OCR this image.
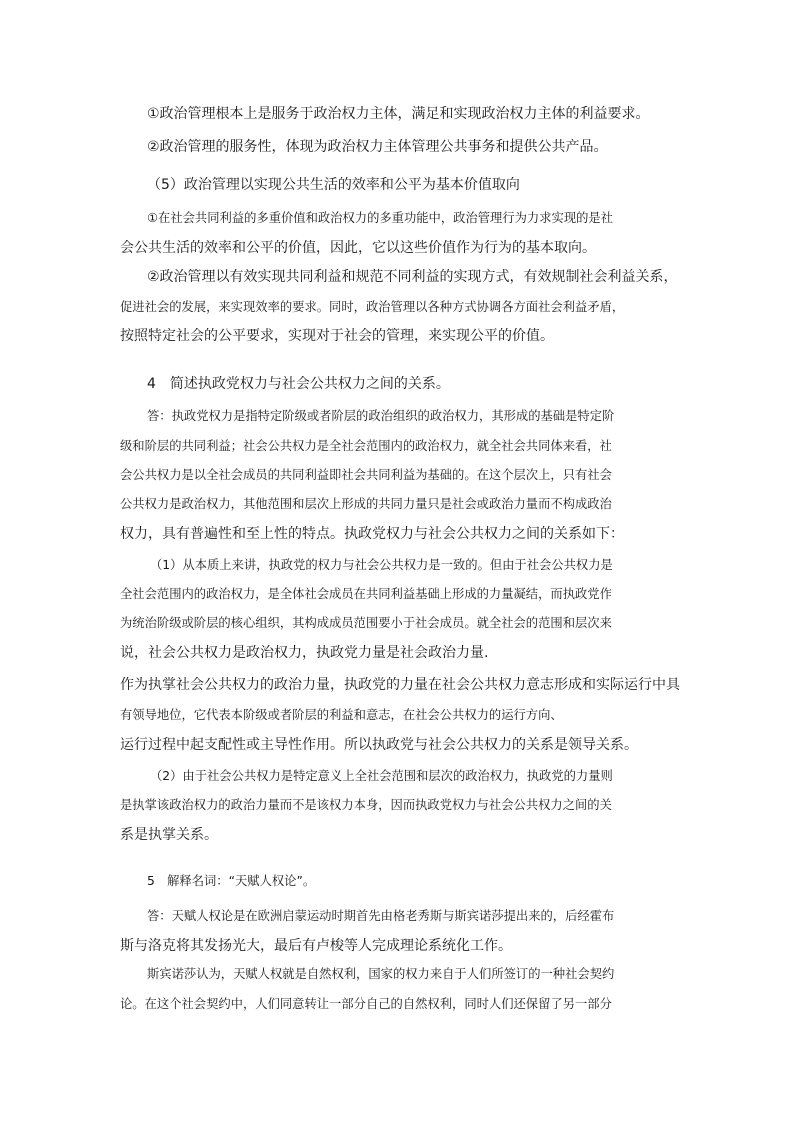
①政治管理根本上是服务于政治权力主体，满足和实现政治权力主体的利益要求。
②政治管理的服务性，体现为政治权力主体管理公共事务和提供公共产品。
（5）政治管理以实现公共生活的效率和公平为基本价值取向
①在社会共同利益的多重价值和政治权力的多重功能中，政治管理行为力求实现的是社
会公共生活的效率和公平的价值，因此，它以这些价值作为行为的基本取向。
②政治管理以有效实现共同利益和规范不同利益的实现方式，有效规制社会利益关系，
促进社会的发展，来实现效率的要求。同时，政治管理以各种方式协调各方面社会利益矛盾，
按照特定社会的公平要求，实现对于社会的管理，来实现公平的价值。
4　简述执政党权力与社会公共权力之间的关系。
答：执政党权力是指特定阶级或者阶层的政治组织的政治权力，其形成的基础是特定阶
级和阶层的共同利益；社会公共权力是全社会范围内的政治权力，就全社会共同体来看，社
会公共权力是以全社会成员的共同利益即社会共同利益为基础的。在这个层次上，只有社会
公共权力是政治权力，其他范围和层次上形成的共同力量只是社会或政治力量而不构成政治
权力，具有普遍性和至上性的特点。执政党权力与社会公共权力之间的关系如下：
（1）从本质上来讲，执政党的权力与社会公共权力是一致的。但由于社会公共权力是
全社会范围内的政治权力，是全体社会成员在共同利益基础上形成的力量凝结，而执政党作
为统治阶级或阶层的核心组织，其构成成员范围要小于社会成员。就全社会的范围和层次来
说，社会公共权力是政治权力，执政党力量是社会政治力量.
作为执掌社会公共权力的政治力量，执政党的力量在社会公共权力意志形成和实际运行中具
有领导地位，它代表本阶级或者阶层的利益和意志，在社会公共权力的运行方向、
运行过程中起支配性或主导性作用。所以执政党与社会公共权力的关系是领导关系。
（2）由于社会公共权力是特定意义上全社会范围和层次的政治权力，执政党的力量则
是执掌该政治权力的政治力量而不是该权力本身，因而执政党权力与社会公共权力之间的关
系是执掌关系。
5　解释名词：“天赋人权论”。
答：天赋人权论是在欧洲启蒙运动时期首先由格老秀斯与斯宾诺莎提出来的，后经霍布
斯与洛克将其发扬光大，最后有卢梭等人完成理论系统化工作。
斯宾诺莎认为，天赋人权就是自然权利，国家的权力来自于人们所签订的一种社会契约
论。在这个社会契约中，人们同意转让一部分自己的自然权利，同时人们还保留了另一部分
